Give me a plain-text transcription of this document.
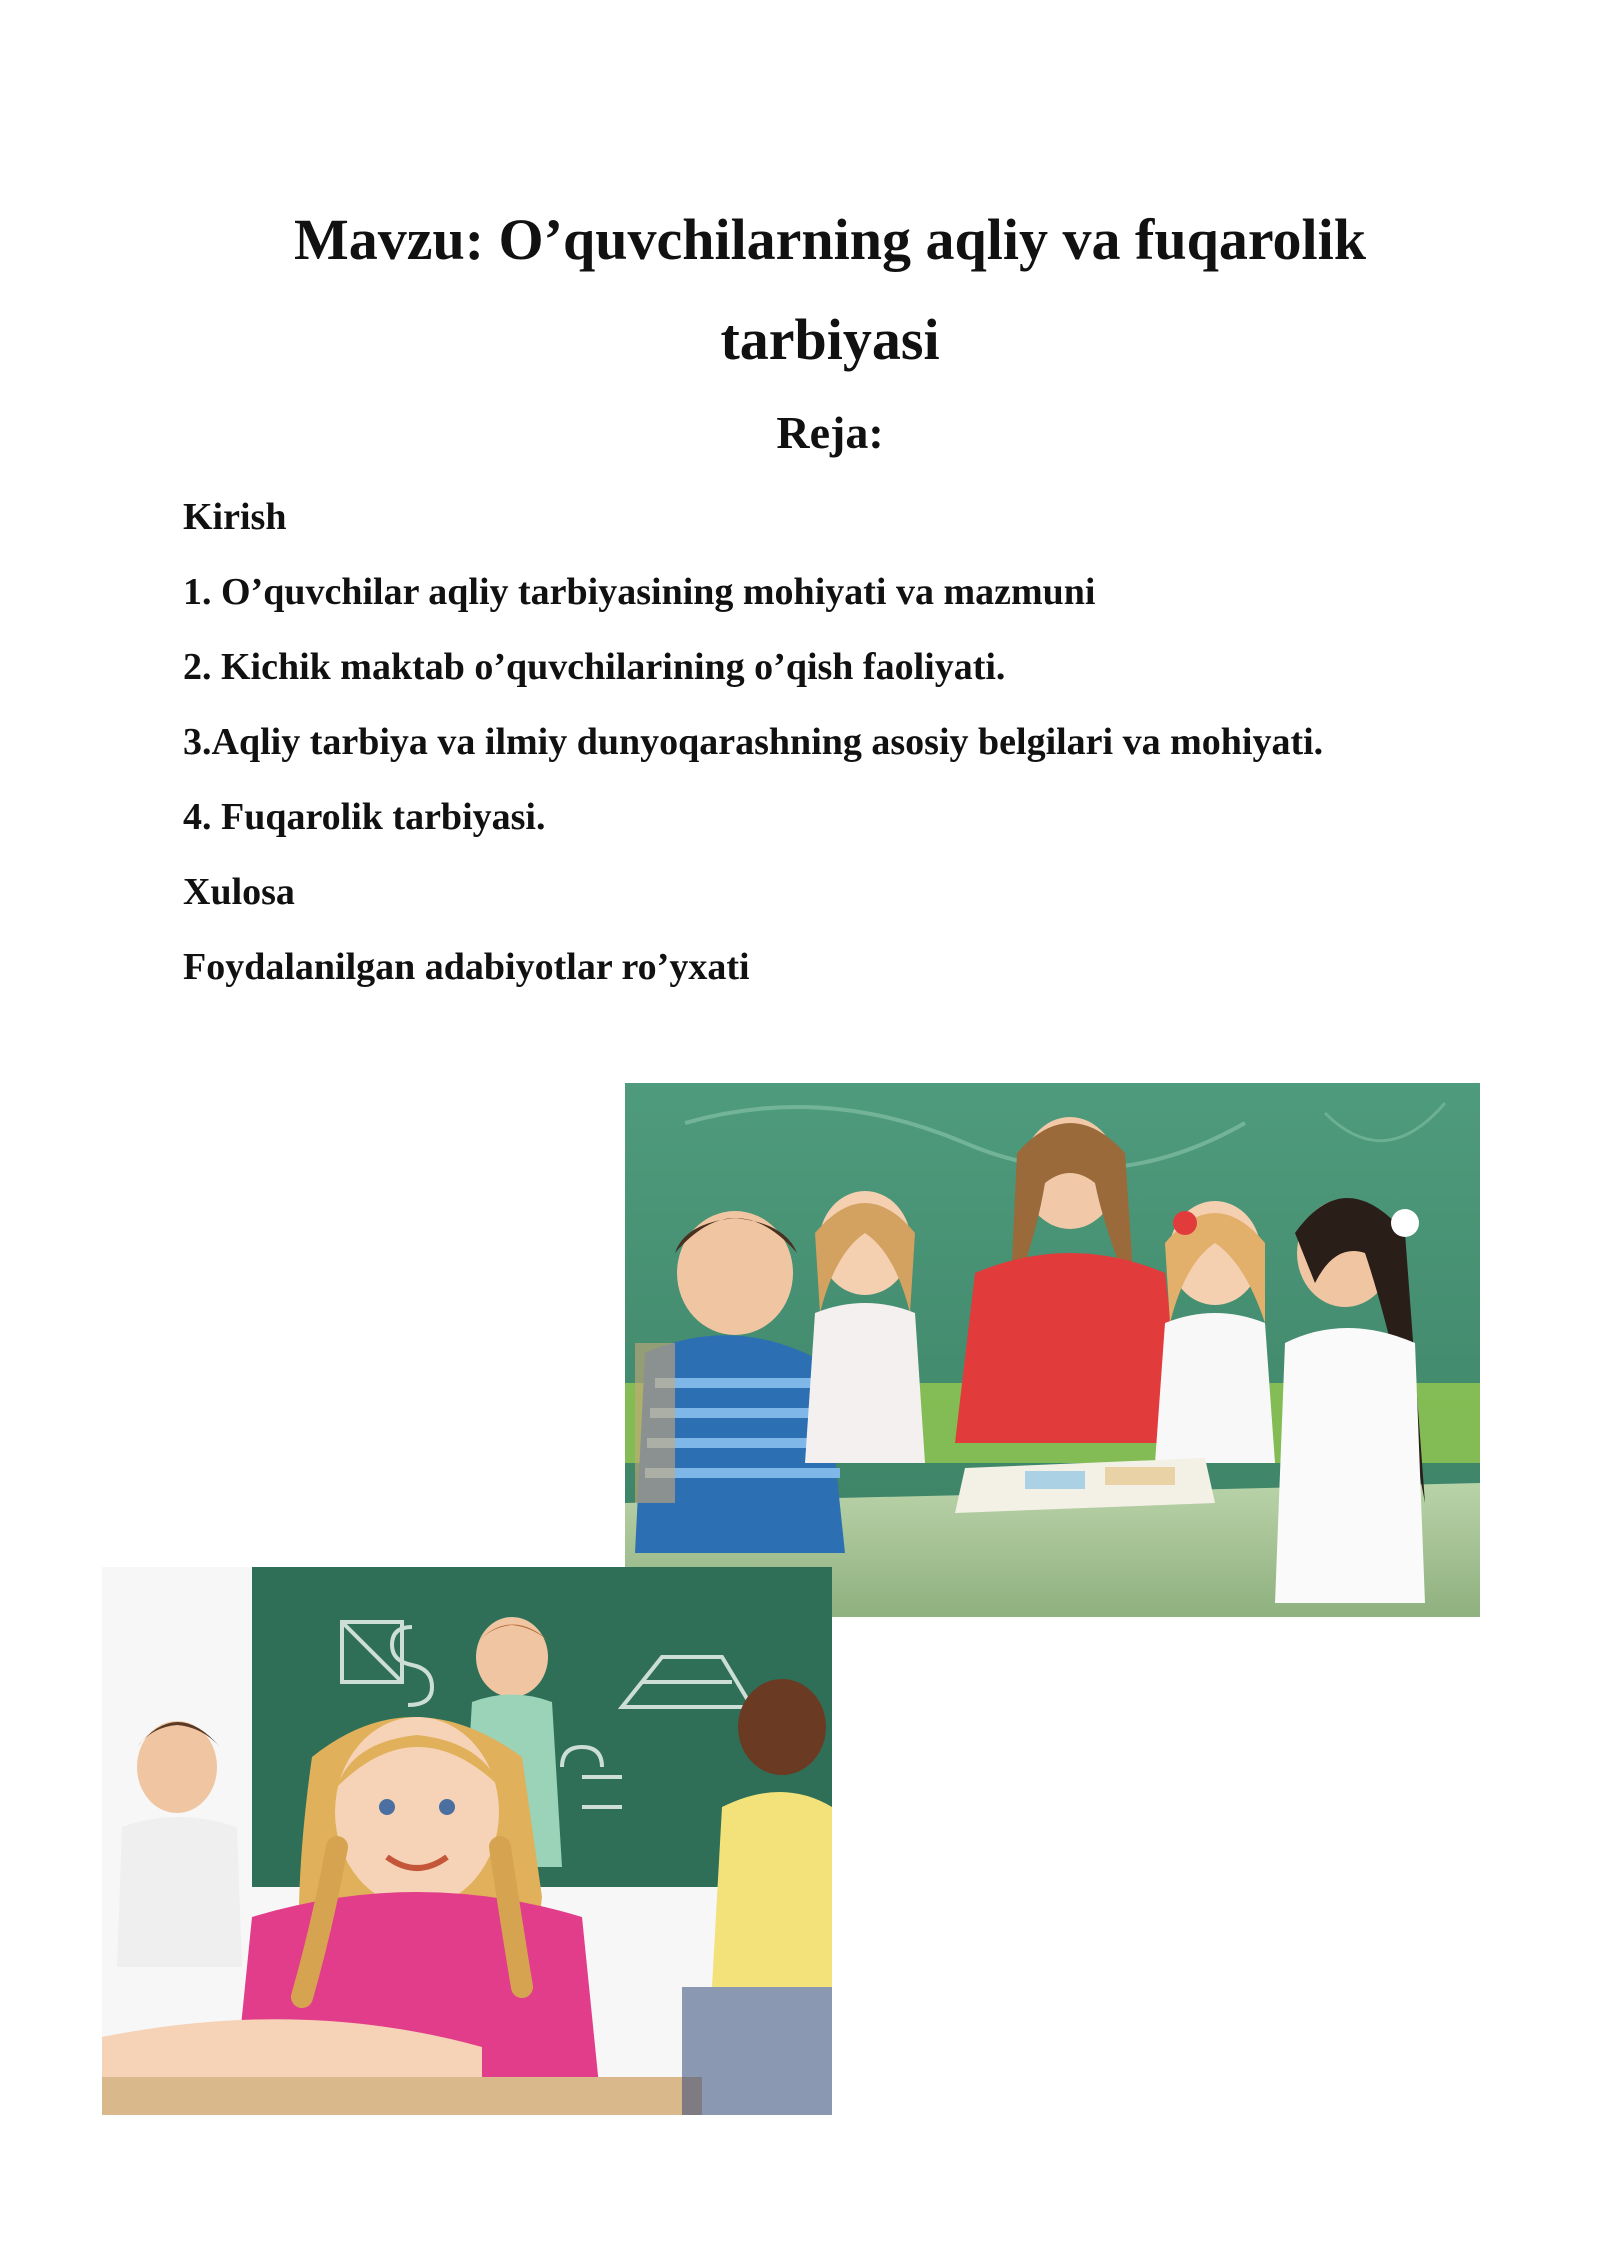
Mavzu: O’quvchilarning aqliy va fuqarolik
tarbiyasi
Reja:
Kirish
1. O’quvchilar aqliy tarbiyasining mohiyati va mazmuni
2. Kichik maktab o’quvchilarining o’qish faoliyati.
3.Aqliy tarbiya va ilmiy dunyoqarashning asosiy belgilari va mohiyati.
4. Fuqarolik tarbiyasi.
Xulosa
Foydalanilgan adabiyotlar ro’yxati
